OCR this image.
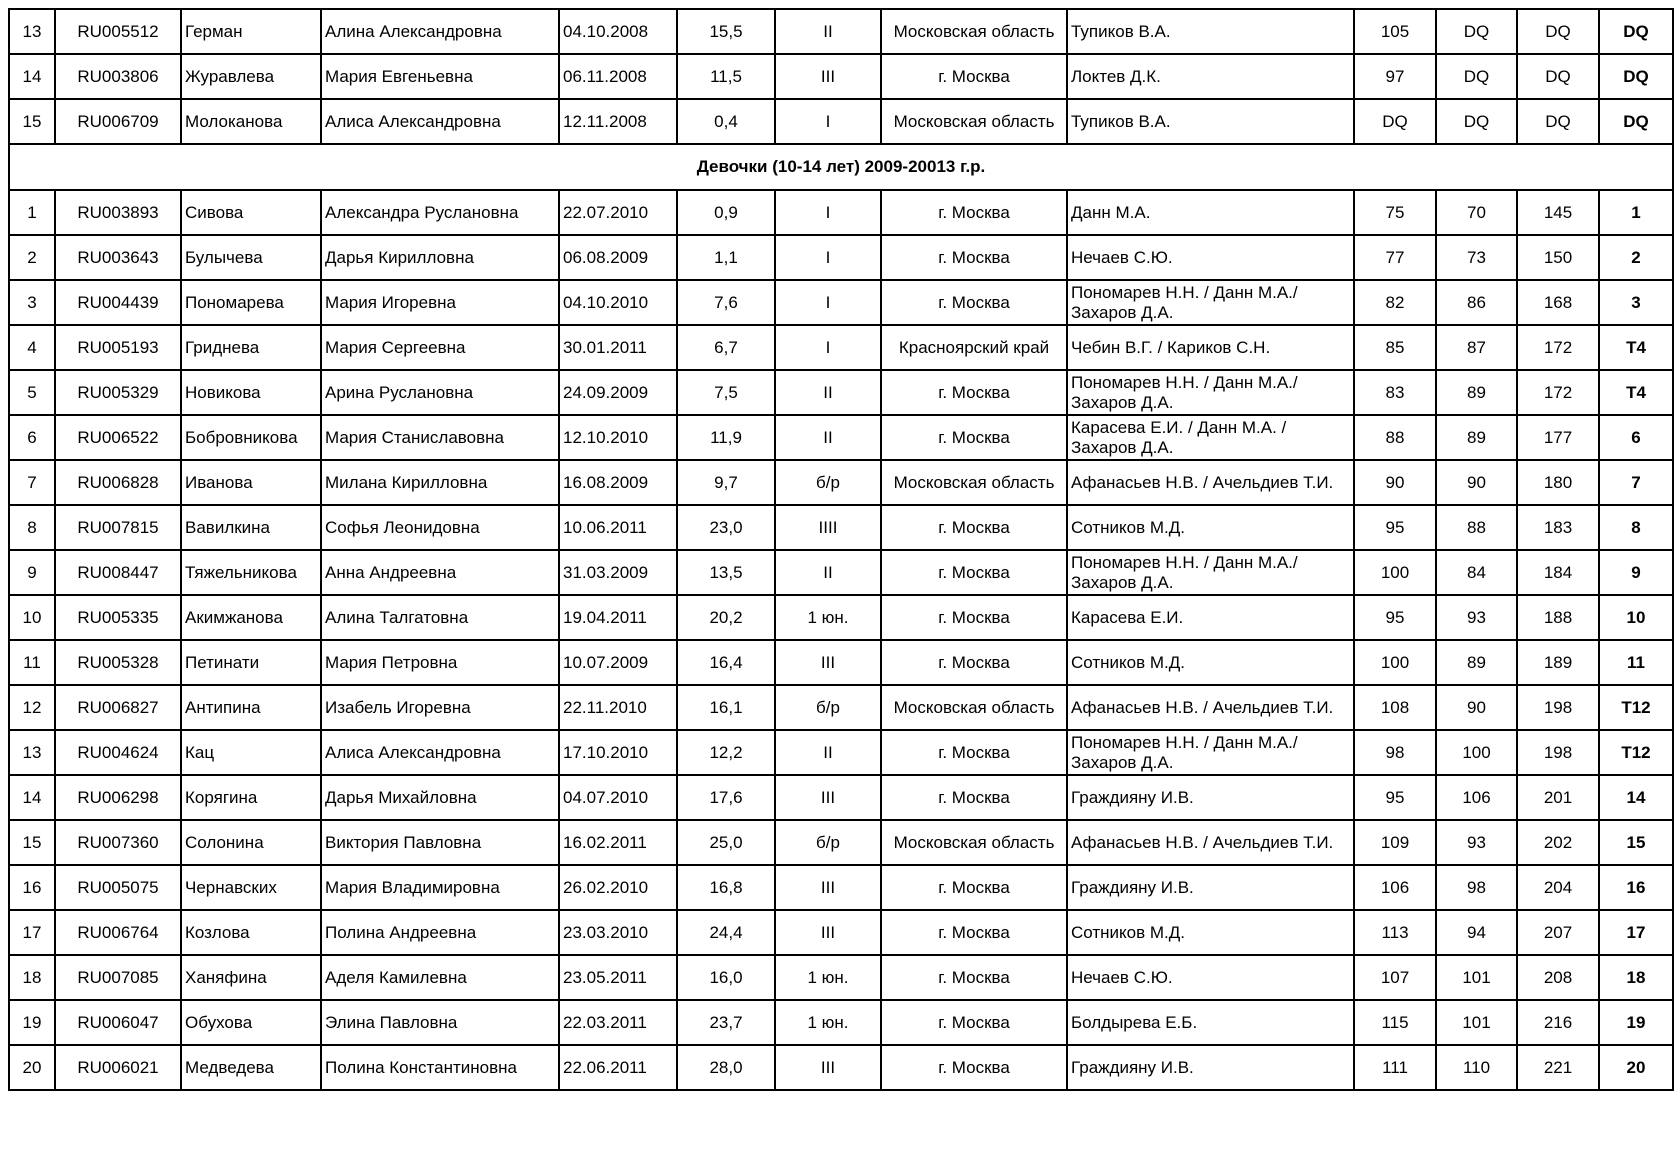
13	RU005512	Герман	Алина Александровна	04.10.2008	15,5	II	Московская область	Тупиков В.А.	105	DQ	DQ	DQ
14	RU003806	Журавлева	Мария Евгеньевна	06.11.2008	11,5	III	г. Москва	Локтев Д.К.	97	DQ	DQ	DQ
15	RU006709	Молоканова	Алиса Александровна	12.11.2008	0,4	I	Московская область	Тупиков В.А.	DQ	DQ	DQ	DQ
Девочки (10-14 лет) 2009-20013 г.р.												
1	RU003893	Сивова	Александра Руслановна	22.07.2010	0,9	I	г. Москва	Данн М.А.	75	70	145	1
2	RU003643	Булычева	Дарья Кирилловна	06.08.2009	1,1	I	г. Москва	Нечаев С.Ю.	77	73	150	2
3	RU004439	Пономарева	Мария Игоревна	04.10.2010	7,6	I	г. Москва	Пономарев Н.Н. / Данн М.А./ Захаров Д.А.	82	86	168	3
4	RU005193	Гриднева	Мария Сергеевна	30.01.2011	6,7	I	Красноярский край	Чебин В.Г. / Кариков С.Н.	85	87	172	T4
5	RU005329	Новикова	Арина Руслановна	24.09.2009	7,5	II	г. Москва	Пономарев Н.Н. / Данн М.А./ Захаров Д.А.	83	89	172	T4
6	RU006522	Бобровникова	Мария Станиславовна	12.10.2010	11,9	II	г. Москва	Карасева Е.И. / Данн М.А. / Захаров Д.А.	88	89	177	6
7	RU006828	Иванова	Милана Кирилловна	16.08.2009	9,7	б/р	Московская область	Афанасьев Н.В. / Ачельдиев Т.И.	90	90	180	7
8	RU007815	Вавилкина	Софья Леонидовна	10.06.2011	23,0	IIII	г. Москва	Сотников М.Д.	95	88	183	8
9	RU008447	Тяжельникова	Анна Андреевна	31.03.2009	13,5	II	г. Москва	Пономарев Н.Н. / Данн М.А./ Захаров Д.А.	100	84	184	9
10	RU005335	Акимжанова	Алина Талгатовна	19.04.2011	20,2	1 юн.	г. Москва	Карасева Е.И.	95	93	188	10
11	RU005328	Петинати	Мария Петровна	10.07.2009	16,4	III	г. Москва	Сотников М.Д.	100	89	189	11
12	RU006827	Антипина	Изабель Игоревна	22.11.2010	16,1	б/р	Московская область	Афанасьев Н.В. / Ачельдиев Т.И.	108	90	198	T12
13	RU004624	Кац	Алиса Александровна	17.10.2010	12,2	II	г. Москва	Пономарев Н.Н. / Данн М.А./ Захаров Д.А.	98	100	198	T12
14	RU006298	Корягина	Дарья Михайловна	04.07.2010	17,6	III	г. Москва	Граждияну И.В.	95	106	201	14
15	RU007360	Солонина	Виктория Павловна	16.02.2011	25,0	б/р	Московская область	Афанасьев Н.В. / Ачельдиев Т.И.	109	93	202	15
16	RU005075	Чернавских	Мария Владимировна	26.02.2010	16,8	III	г. Москва	Граждияну И.В.	106	98	204	16
17	RU006764	Козлова	Полина Андреевна	23.03.2010	24,4	III	г. Москва	Сотников М.Д.	113	94	207	17
18	RU007085	Ханяфина	Аделя Камилевна	23.05.2011	16,0	1 юн.	г. Москва	Нечаев С.Ю.	107	101	208	18
19	RU006047	Обухова	Элина Павловна	22.03.2011	23,7	1 юн.	г. Москва	Болдырева Е.Б.	115	101	216	19
20	RU006021	Медведева	Полина Константиновна	22.06.2011	28,0	III	г. Москва	Граждияну И.В.	111	110	221	20
